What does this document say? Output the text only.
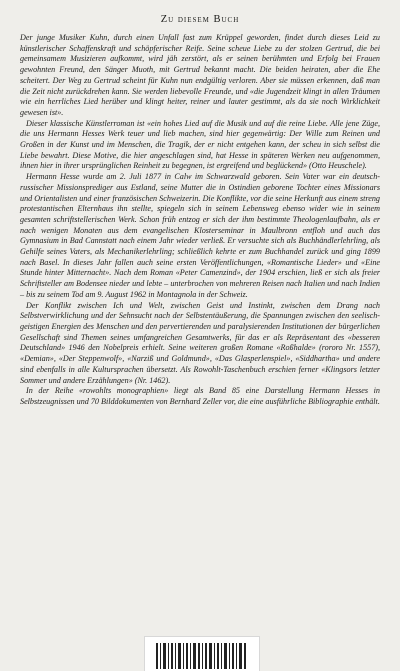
Zu diesem Buch

Der junge Musiker Kuhn, durch einen Unfall fast zum Krüppel geworden, findet durch dieses Leid zu künstlerischer Schaffenskraft und schöpferischer Reife. Seine scheue Liebe zu der stolzen Gertrud, die bei gemeinsamem Musizieren aufkommt, wird jäh zerstört, als er seinen berühmten und Erfolg bei Frauen gewohnten Freund, den Sänger Muoth, mit Gertrud bekannt macht. Die beiden heiraten, aber die Ehe scheitert. Der Weg zu Gertrud scheint für Kuhn nun endgültig verloren. Aber sie müssen erkennen, daß man die Zeit nicht zurückdrehen kann. Sie werden liebevolle Freunde, und «die Jugendzeit klingt in allen Träumen wie ein herrliches Lied herüber und klingt heiter, reiner und lauter gestimmt, als da sie noch Wirklichkeit gewesen ist».

Dieser klassische Künstlerroman ist «ein hohes Lied auf die Musik und auf die reine Liebe. Alle jene Züge, die uns Hermann Hesses Werk teuer und lieb machen, sind hier gegenwärtig: Der Wille zum Reinen und Großen in der Kunst und im Menschen, die Tragik, der er nicht entgehen kann, der scheu in sich selbst die Liebe bewahrt. Diese Motive, die hier angeschlagen sind, hat Hesse in späteren Werken neu aufgenommen, ihnen hier in ihrer ursprünglichen Reinheit zu begegnen, ist ergreifend und beglückend» (Otto Heuschele).

Hermann Hesse wurde am 2. Juli 1877 in Calw im Schwarzwald geboren. Sein Vater war ein deutsch-russischer Missionsprediger aus Estland, seine Mutter die in Ostindien geborene Tochter eines Missionars und Orientalisten und einer französischen Schweizerin. Die Konflikte, vor die seine Herkunft aus einem streng protestantischen Elternhaus ihn stellte, spiegeln sich in seinem Lebensweg ebenso wider wie in seinem gesamten schriftstellerischen Werk. Schon früh entzog er sich der ihm bestimmte Theologenlaufbahn, als er nach wenigen Monaten aus dem evangelischen Klosterseminar in Maulbronn entfloh und auch das Gymnasium in Bad Cannstatt nach einem Jahr wieder verließ. Er versuchte sich als Buchhändlerlehrling, als Gehilfe seines Vaters, als Mechanikerlehrling; schließlich kehrte er zum Buchhandel zurück und ging 1899 nach Basel. In dieses Jahr fallen auch seine ersten Veröffentlichungen, «Romantische Lieder» und «Eine Stunde hinter Mitternacht». Nach dem Roman «Peter Camenzind», der 1904 erschien, ließ er sich als freier Schriftsteller am Bodensee nieder und lebte – unterbrochen von mehreren Reisen nach Italien und nach Indien – bis zu seinem Tod am 9. August 1962 in Montagnola in der Schweiz.

Der Konflikt zwischen Ich und Welt, zwischen Geist und Instinkt, zwischen dem Drang nach Selbstverwirklichung und der Sehnsucht nach der Selbstentäußerung, die Spannungen zwischen den seelisch-geistigen Energien des Menschen und den pervertierenden und paralysierenden Institutionen der bürgerlichen Gesellschaft sind Themen seines umfangreichen Gesamtwerks, für das er als Repräsentant des «besseren Deutschland» 1946 den Nobelpreis erhielt. Seine weiteren großen Romane «Roßhalde» (rororo Nr. 1557), «Demian», «Der Steppenwolf», «Narziß und Goldmund», «Das Glasperlenspiel», «Siddhartha» und andere sind ebenfalls in alle Kultursprachen übersetzt. Als Rowohlt-Taschenbuch erschien ferner «Klingsors letzter Sommer und andere Erzählungen» (Nr. 1462).

In der Reihe «rowohlts monographien» liegt als Band 85 eine Darstellung Hermann Hesses in Selbstzeugnissen und 70 Bilddokumenten von Bernhard Zeller vor, die eine ausführliche Bibliographie enthält.
